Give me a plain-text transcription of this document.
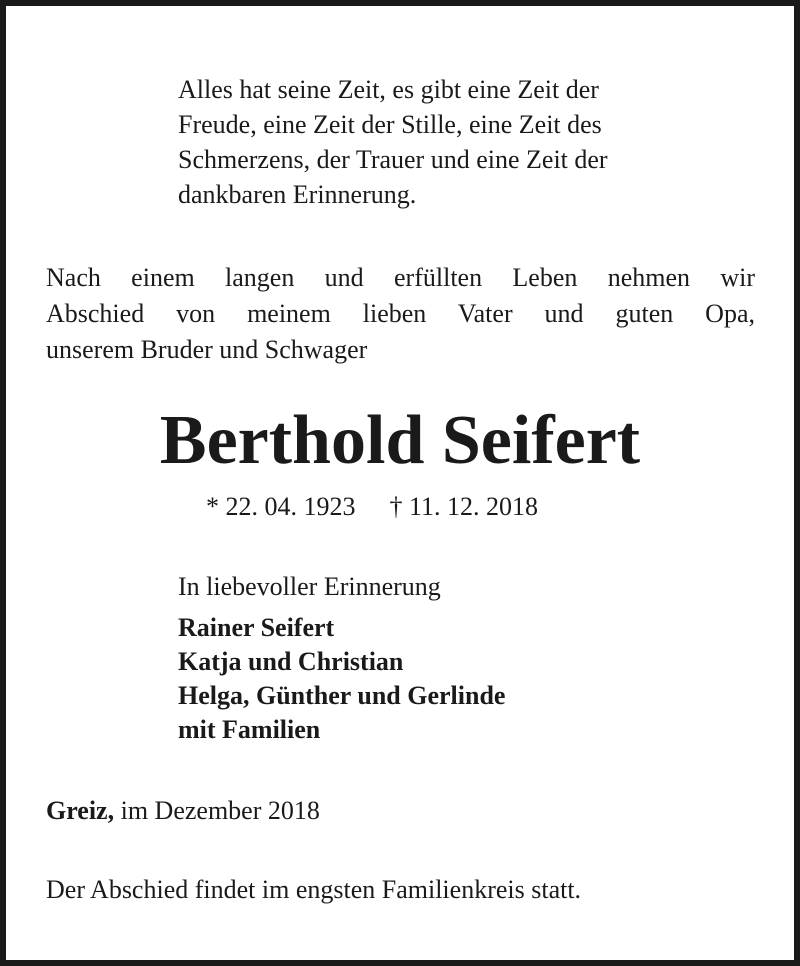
Alles hat seine Zeit, es gibt eine Zeit der
Freude, eine Zeit der Stille, eine Zeit des
Schmerzens, der Trauer und eine Zeit der
dankbaren Erinnerung.
Nach einem langen und erfüllten Leben nehmen wir
Abschied von meinem lieben Vater und guten Opa,
unserem Bruder und Schwager
Berthold Seifert
* 22. 04. 1923 † 11. 12. 2018
In liebevoller Erinnerung
Rainer Seifert
Katja und Christian
Helga, Günther und Gerlinde
mit Familien
Greiz, im Dezember 2018
Der Abschied findet im engsten Familienkreis statt.
